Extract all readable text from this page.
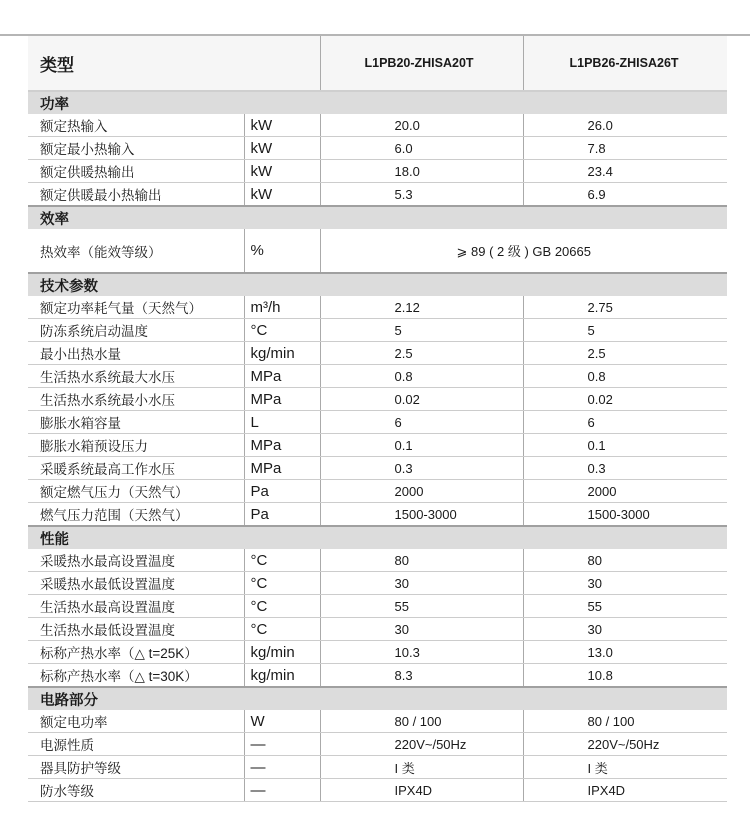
类型		L1PB20-ZHISA20T	L1PB26-ZHISA26T
功率			
额定热输入	kW	20.0	26.0
额定最小热输入	kW	6.0	7.8
额定供暖热输出	kW	18.0	23.4
额定供暖最小热输出	kW	5.3	6.9
效率			
热效率（能效等级）	%	⩾ 89 ( 2 级 ) GB 20665	
技术参数			
额定功率耗气量（天然气）	m³/h	2.12	2.75
防冻系统启动温度	°C	5	5
最小出热水量	kg/min	2.5	2.5
生活热水系统最大水压	MPa	0.8	0.8
生活热水系统最小水压	MPa	0.02	0.02
膨胀水箱容量	L	6	6
膨胀水箱预设压力	MPa	0.1	0.1
采暖系统最高工作水压	MPa	0.3	0.3
额定燃气压力（天然气）	Pa	2000	2000
燃气压力范围（天然气）	Pa	1500-3000	1500-3000
性能			
采暖热水最高设置温度	°C	80	80
采暖热水最低设置温度	°C	30	30
生活热水最高设置温度	°C	55	55
生活热水最低设置温度	°C	30	30
标称产热水率（△ t=25K）	kg/min	10.3	13.0
标称产热水率（△ t=30K）	kg/min	8.3	10.8
电路部分			
额定电功率	W	80 / 100	80 / 100
电源性质	—	220V~/50Hz	220V~/50Hz
器具防护等级	—	I 类	I 类
防水等级	—	IPX4D	IPX4D
